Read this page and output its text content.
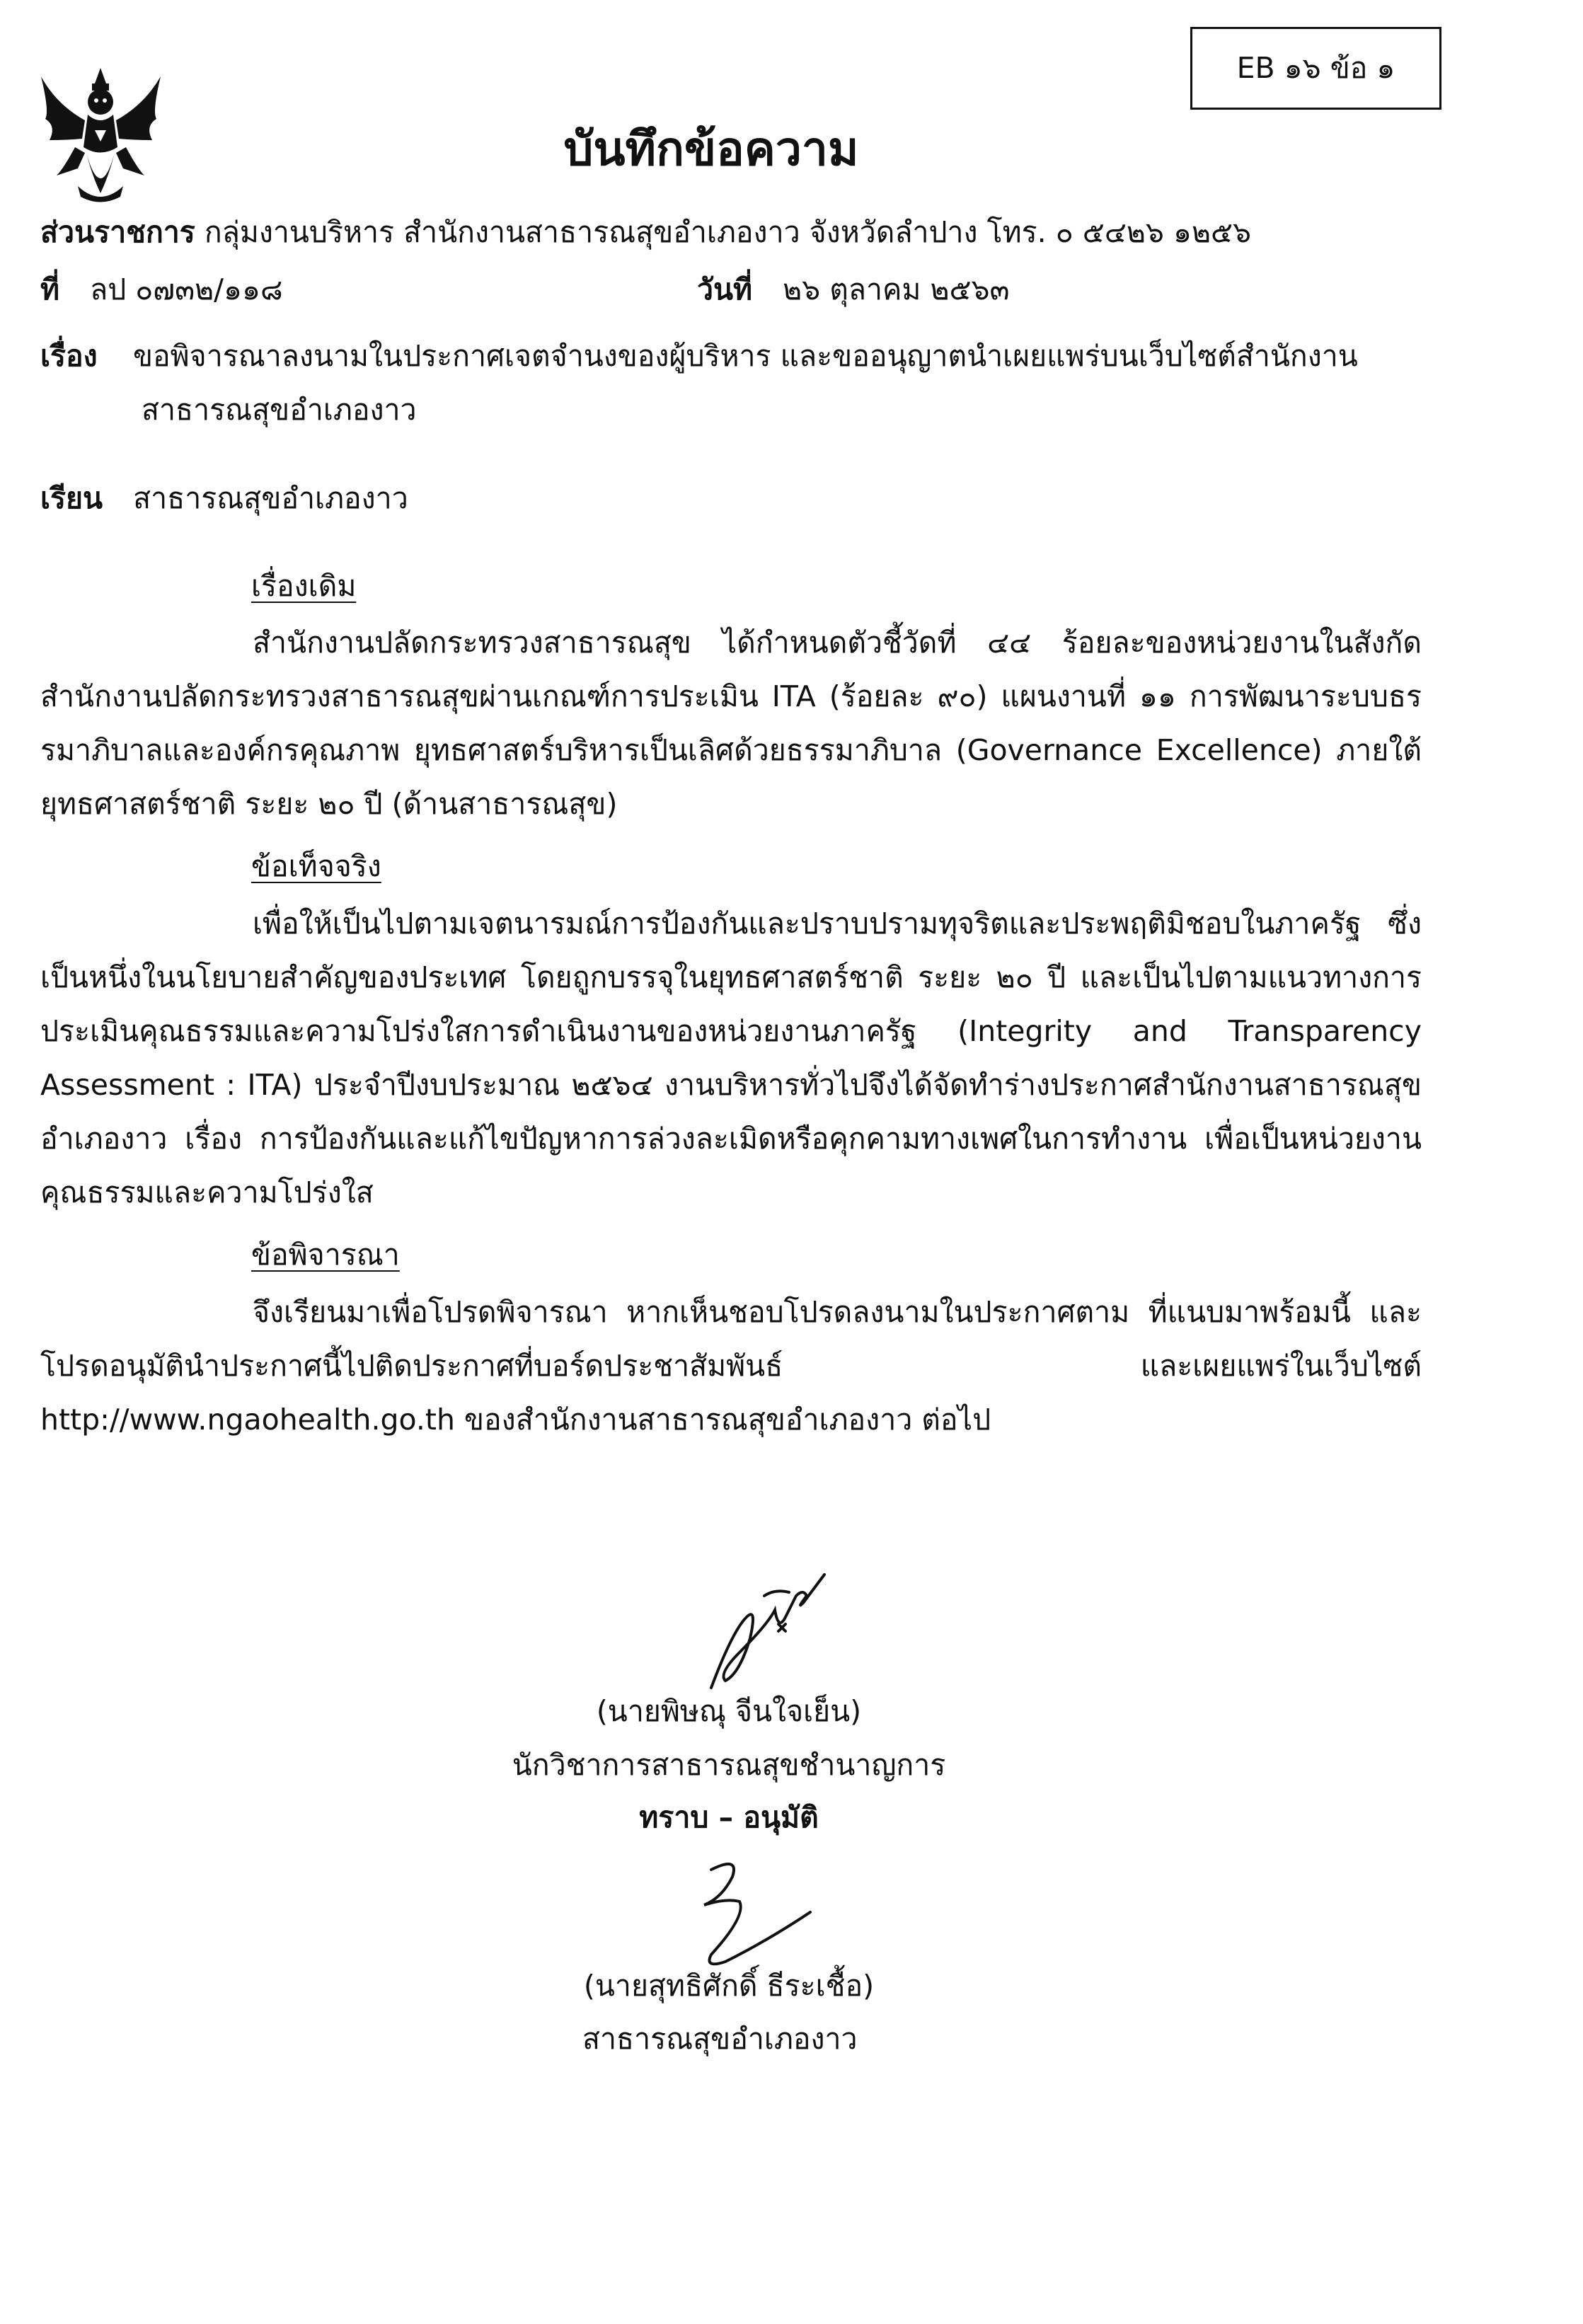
EB ๑๖ ข้อ ๑
บันทึกข้อความ
ส่วนราชการ กลุ่มงานบริหาร สำนักงานสาธารณสุขอำเภองาว จังหวัดลำปาง โทร. ๐ ๕๔๒๖ ๑๒๕๖
ที่ ลป ๐๗๓๒/๑๑๘	วันที่ ๒๖ ตุลาคม ๒๕๖๓
เรื่อง ขอพิจารณาลงนามในประกาศเจตจำนงของผู้บริหาร และขออนุญาตนำเผยแพร่บนเว็บไซต์สำนักงาน
สาธารณสุขอำเภองาว
เรียน สาธารณสุขอำเภองาว
เรื่องเดิม
สำนักงานปลัดกระทรวงสาธารณสุข ได้กำหนดตัวชี้วัดที่ ๔๔ ร้อยละของหน่วยงานในสังกัด สำนักงานปลัดกระทรวงสาธารณสุขผ่านเกณฑ์การประเมิน ITA (ร้อยละ ๙๐) แผนงานที่ ๑๑ การพัฒนาระบบธรรมาภิบาลและองค์กรคุณภาพ ยุทธศาสตร์บริหารเป็นเลิศด้วยธรรมาภิบาล (Governance Excellence) ภายใต้ยุทธศาสตร์ชาติ ระยะ ๒๐ ปี (ด้านสาธารณสุข)
ข้อเท็จจริง
เพื่อให้เป็นไปตามเจตนารมณ์การป้องกันและปราบปรามทุจริตและประพฤติมิชอบในภาครัฐ ซึ่งเป็นหนึ่งในนโยบายสำคัญของประเทศ โดยถูกบรรจุในยุทธศาสตร์ชาติ ระยะ ๒๐ ปี และเป็นไปตามแนวทางการประเมินคุณธรรมและความโปร่งใสการดำเนินงานของหน่วยงานภาครัฐ (Integrity and Transparency Assessment : ITA) ประจำปีงบประมาณ ๒๕๖๔ งานบริหารทั่วไปจึงได้จัดทำร่างประกาศสำนักงานสาธารณสุขอำเภองาว เรื่อง การป้องกันและแก้ไขปัญหาการล่วงละเมิดหรือคุกคามทางเพศในการทำงาน เพื่อเป็นหน่วยงานคุณธรรมและความโปร่งใส
ข้อพิจารณา
จึงเรียนมาเพื่อโปรดพิจารณา หากเห็นชอบโปรดลงนามในประกาศตาม ที่แนบมาพร้อมนี้ และโปรดอนุมัตินำประกาศนี้ไปติดประกาศที่บอร์ดประชาสัมพันธ์ และเผยแพร่ในเว็บไซต์ http://www.ngaohealth.go.th ของสำนักงานสาธารณสุขอำเภองาว ต่อไป
(นายพิษณุ จีนใจเย็น)
นักวิชาการสาธารณสุขชำนาญการ
ทราบ – อนุมัติ
(นายสุทธิศักดิ์ ธีระเชื้อ)
สาธารณสุขอำเภองาว
